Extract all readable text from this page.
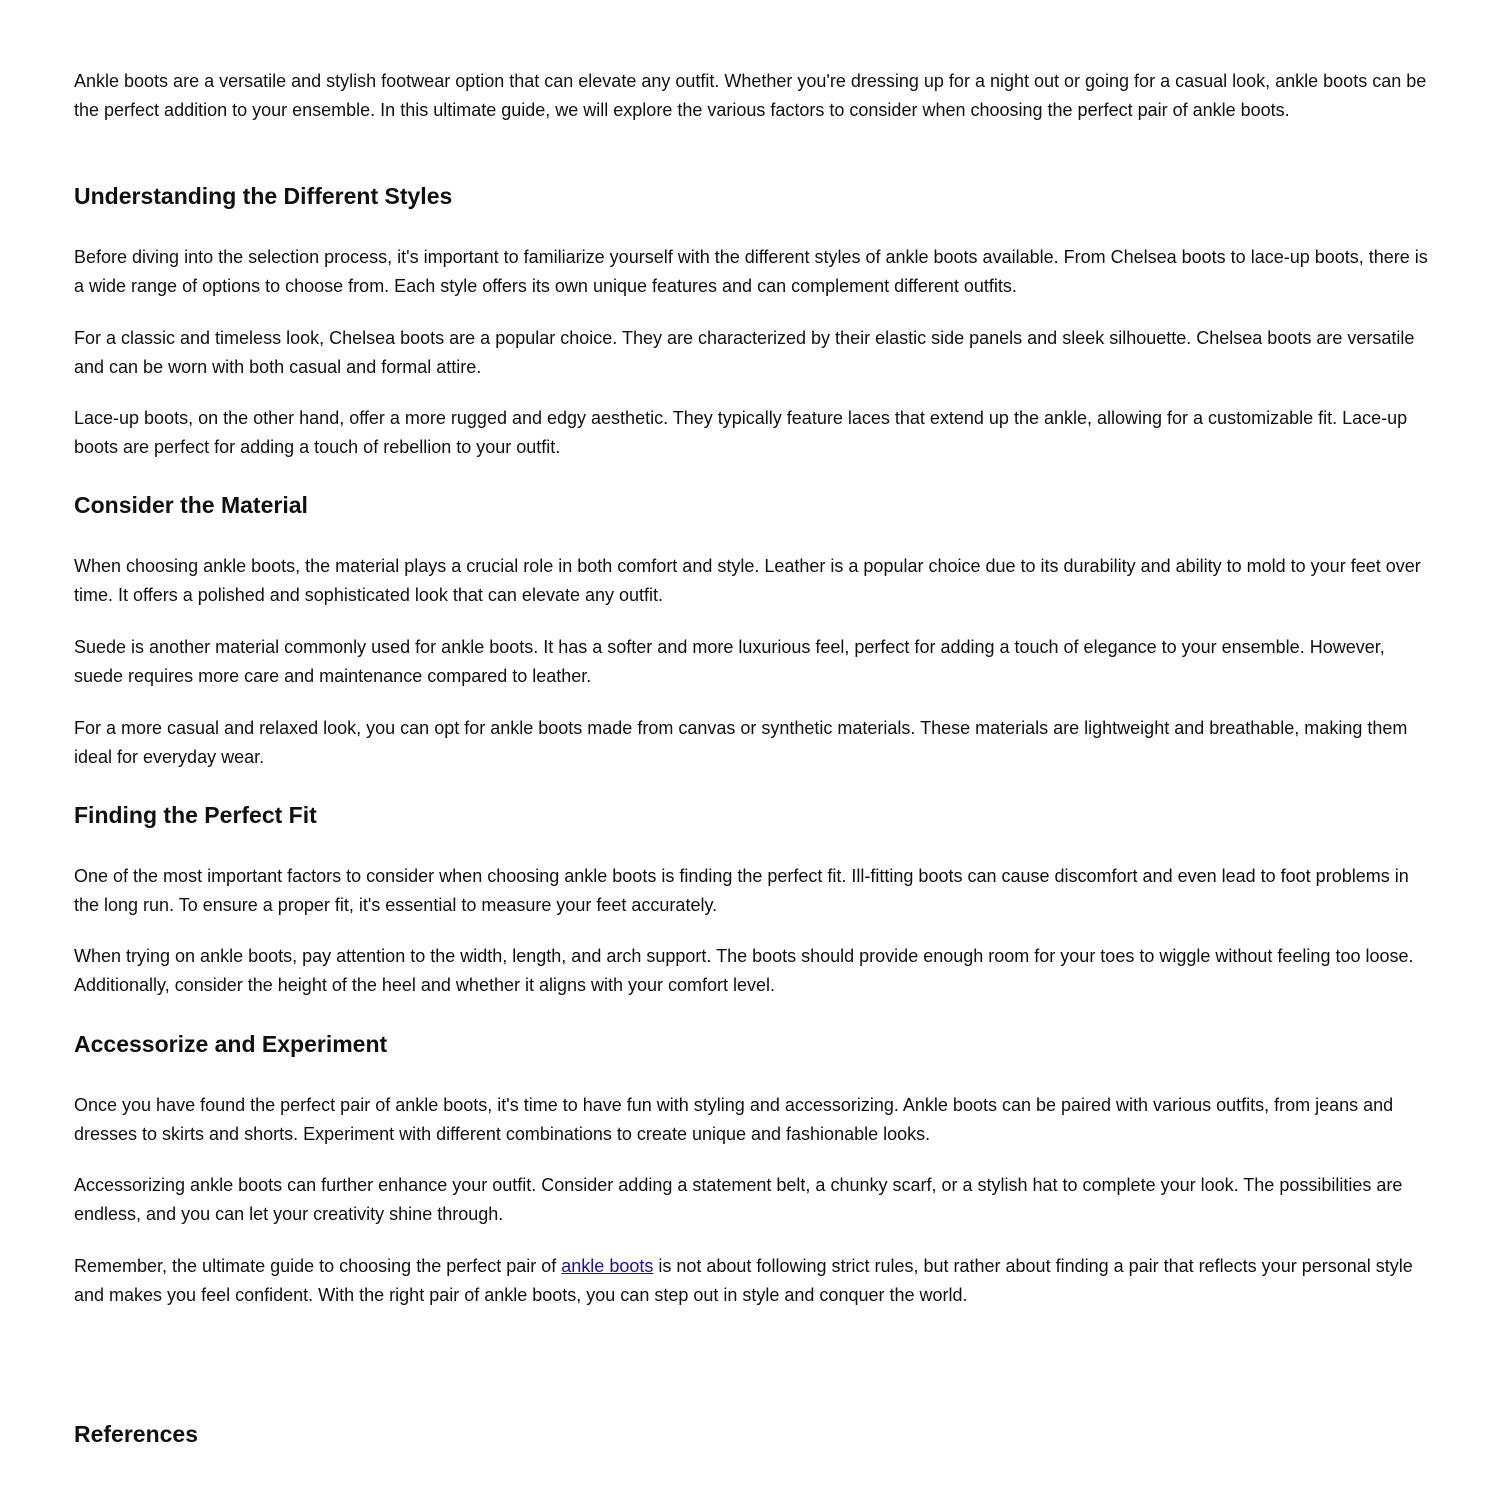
Ankle boots are a versatile and stylish footwear option that can elevate any outfit. Whether you're dressing up for a night out or going for a casual look, ankle boots can be the perfect addition to your ensemble. In this ultimate guide, we will explore the various factors to consider when choosing the perfect pair of ankle boots.

Understanding the Different Styles

Before diving into the selection process, it's important to familiarize yourself with the different styles of ankle boots available. From Chelsea boots to lace-up boots, there is a wide range of options to choose from. Each style offers its own unique features and can complement different outfits.

For a classic and timeless look, Chelsea boots are a popular choice. They are characterized by their elastic side panels and sleek silhouette. Chelsea boots are versatile and can be worn with both casual and formal attire.

Lace-up boots, on the other hand, offer a more rugged and edgy aesthetic. They typically feature laces that extend up the ankle, allowing for a customizable fit. Lace-up boots are perfect for adding a touch of rebellion to your outfit.

Consider the Material

When choosing ankle boots, the material plays a crucial role in both comfort and style. Leather is a popular choice due to its durability and ability to mold to your feet over time. It offers a polished and sophisticated look that can elevate any outfit.

Suede is another material commonly used for ankle boots. It has a softer and more luxurious feel, perfect for adding a touch of elegance to your ensemble. However, suede requires more care and maintenance compared to leather.

For a more casual and relaxed look, you can opt for ankle boots made from canvas or synthetic materials. These materials are lightweight and breathable, making them ideal for everyday wear.

Finding the Perfect Fit

One of the most important factors to consider when choosing ankle boots is finding the perfect fit. Ill-fitting boots can cause discomfort and even lead to foot problems in the long run. To ensure a proper fit, it's essential to measure your feet accurately.

When trying on ankle boots, pay attention to the width, length, and arch support. The boots should provide enough room for your toes to wiggle without feeling too loose. Additionally, consider the height of the heel and whether it aligns with your comfort level.

Accessorize and Experiment

Once you have found the perfect pair of ankle boots, it's time to have fun with styling and accessorizing. Ankle boots can be paired with various outfits, from jeans and dresses to skirts and shorts. Experiment with different combinations to create unique and fashionable looks.

Accessorizing ankle boots can further enhance your outfit. Consider adding a statement belt, a chunky scarf, or a stylish hat to complete your look. The possibilities are endless, and you can let your creativity shine through.

Remember, the ultimate guide to choosing the perfect pair of ankle boots is not about following strict rules, but rather about finding a pair that reflects your personal style and makes you feel confident. With the right pair of ankle boots, you can step out in style and conquer the world.

References
